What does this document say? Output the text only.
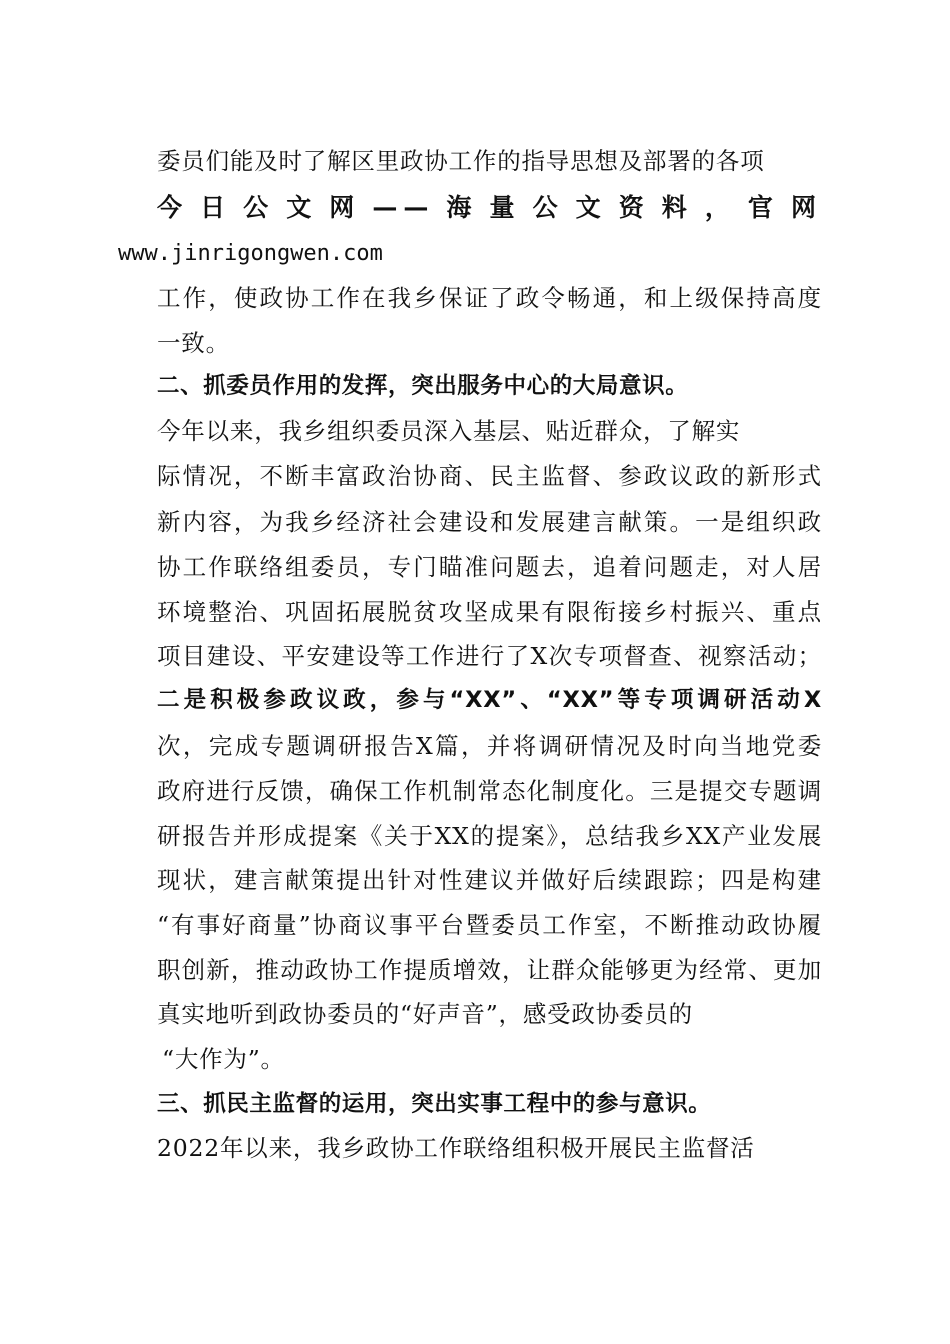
委员们能及时了解区里政协工作的指导思想及部署的各项
今日公文网——海量公文资料，官网
www.jinrigongwen.com
工作，使政协工作在我乡保证了政令畅通，和上级保持高度
一致。
二、抓委员作用的发挥，突出服务中心的大局意识。
今年以来，我乡组织委员深入基层、贴近群众，了解实
际情况，不断丰富政治协商、民主监督、参政议政的新形式
新内容，为我乡经济社会建设和发展建言献策。一是组织政
协工作联络组委员，专门瞄准问题去，追着问题走，对人居
环境整治、巩固拓展脱贫攻坚成果有限衔接乡村振兴、重点
项目建设、平安建设等工作进行了X次专项督查、视察活动；
二是积极参政议政，参与“XX”、“XX”等专项调研活动X
次，完成专题调研报告X篇，并将调研情况及时向当地党委
政府进行反馈，确保工作机制常态化制度化。三是提交专题调
研报告并形成提案《关于XX的提案》，总结我乡XX产业发展
现状，建言献策提出针对性建议并做好后续跟踪；四是构建
“有事好商量”协商议事平台暨委员工作室，不断推动政协履
职创新，推动政协工作提质增效，让群众能够更为经常、更加
真实地听到政协委员的“好声音”，感受政协委员的
“大作为”。
三、抓民主监督的运用，突出实事工程中的参与意识。
2022年以来，我乡政协工作联络组积极开展民主监督活
